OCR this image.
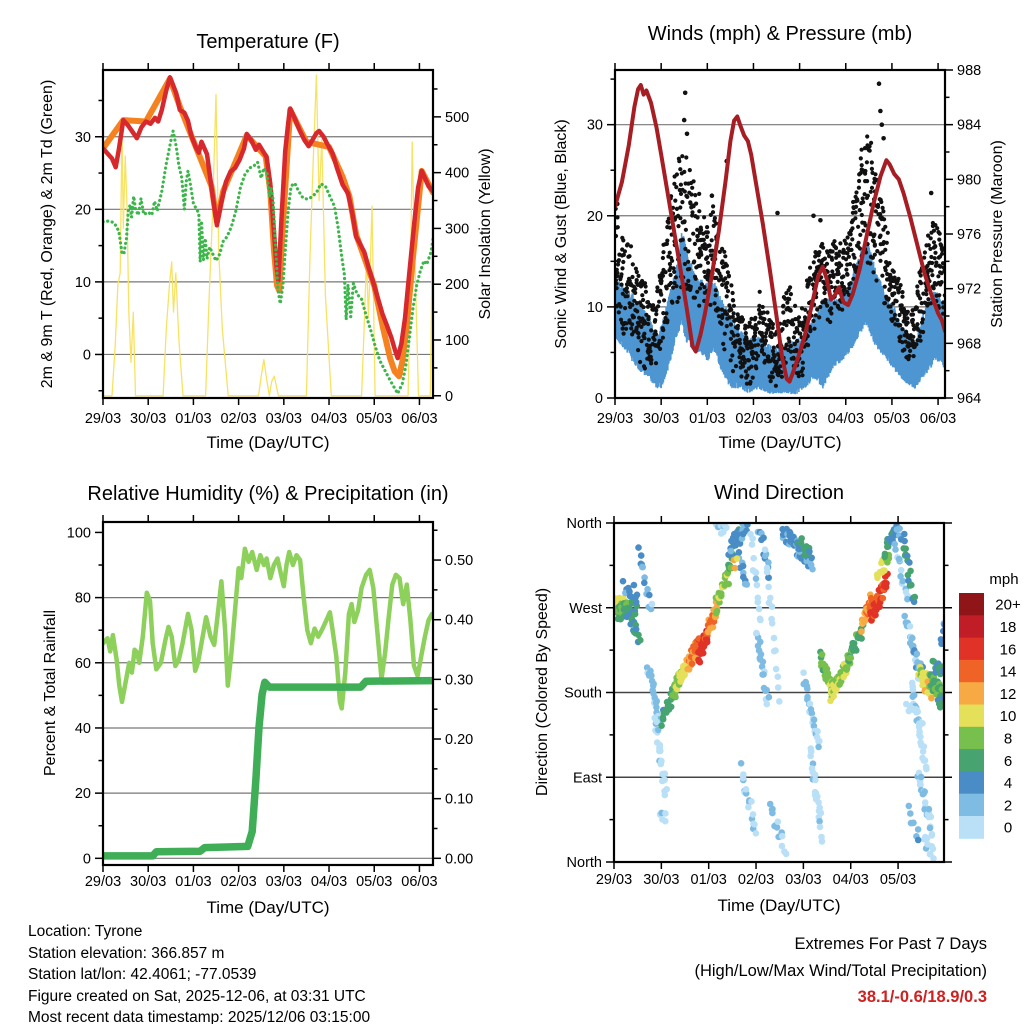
29/03 30/03 01/03 02/03 03/03 04/03 05/03 06/03
0
10
20
30
0
100
200
300
400
500
Temperature (F)
Time (Day/UTC)
2m & 9m T (Red, Orange) & 2m Td (Green)	Solar Insolation (Yellow)
29/03 30/03 01/03 02/03 03/03 04/03 05/03 06/03
0
10
20
30
964
968
972
976
980
984
988
Winds (mph) & Pressure (mb)
Time (Day/UTC)
Sonic Wind & Gust (Blue, Black)	Station Pressure (Maroon)
29/03 30/03 01/03 02/03 03/03 04/03 05/03 06/03
0
20
40
60
80
100
0.00
0.10
0.20
0.30
0.40
0.50
Relative Humidity (%) & Precipitation (in)
Time (Day/UTC)
Percent & Total Rainfall
29/03 30/03 01/03 02/03 03/03 04/03 05/03
North
West
South
East
North
Wind Direction
Time (Day/UTC)
Direction (Colored By Speed)
mph
20+
18
16
14
12
10
8
6
4
2
0
Location: Tyrone
Station elevation: 366.857 m
Station lat/lon: 42.4061; -77.0539
Figure created on Sat, 2025-12-06, at 03:31 UTC
Most recent data timestamp: 2025/12/06 03:15:00
Extremes For Past 7 Days
(High/Low/Max Wind/Total Precipitation)
38.1/-0.6/18.9/0.3
